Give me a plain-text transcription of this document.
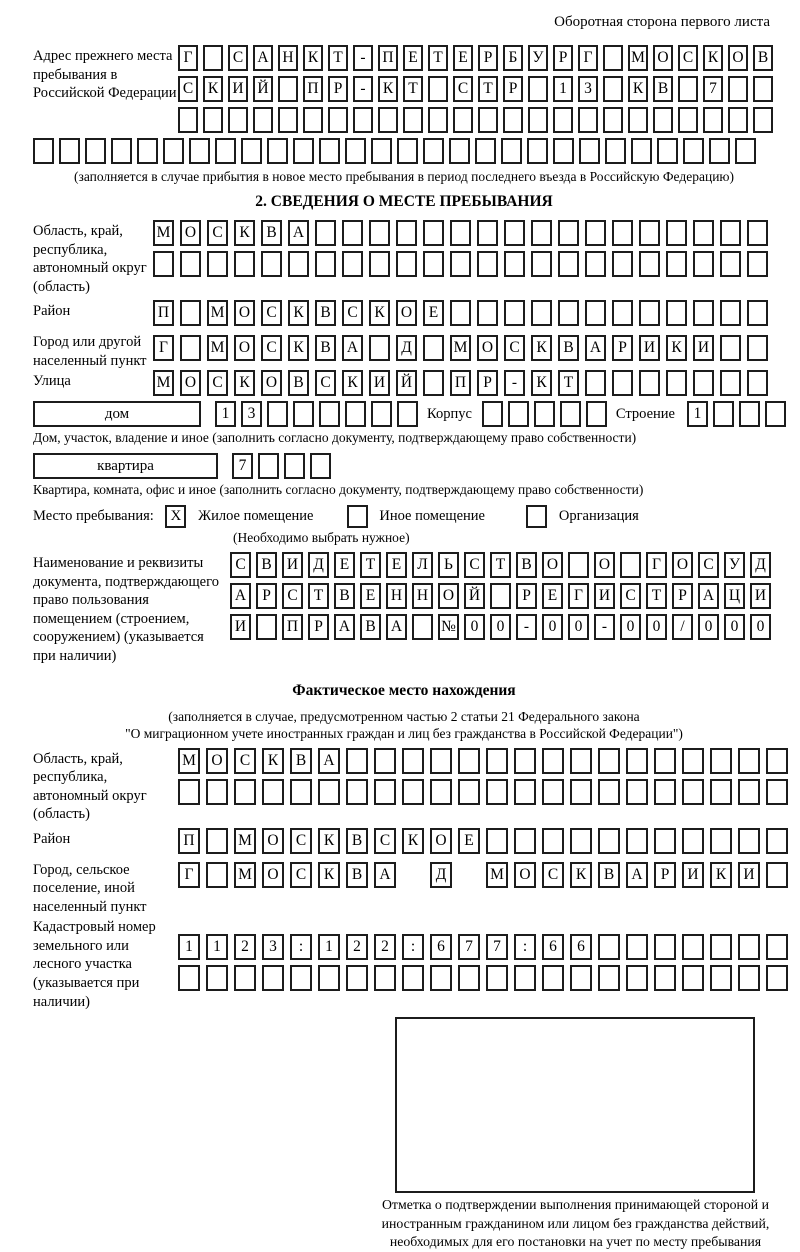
Оборотная сторона первого листа
Адрес прежнего места пребывания в Российской Федерации
Г	С А Н К Т - П Е Т Е Р Б У Р Г М О С К О В
С К И Й	П Р - К Т	С Т Р	1 3	К В	7
(заполняется в случае прибытия в новое место пребывания в период последнего въезда в Российскую Федерацию)
2. СВЕДЕНИЯ О МЕСТЕ ПРЕБЫВАНИЯ
Область, край, республика, автономный округ (область)
М О С К В А
Район	П	М О С К В С К О Е
Город или другой населенный пункт
Г	М О С К В А	Д	М О С К В А Р И К И
Улица	М О С К О В С К И Й	П Р - К Т
дом	1 3	Корпус	Строение 1
Дом, участок, владение и иное (заполнить согласно документу, подтверждающему право собственности)
квартира	7
Квартира, комната, офис и иное (заполнить согласно документу, подтверждающему право собственности)
Место пребывания: X Жилое помещение	Иное помещение	Организация
(Необходимо выбрать нужное)
Наименование и реквизиты документа, подтверждающего право пользования помещением (строением, сооружением) (указывается при наличии)
С В И Д Е Т Е Л Ь С Т В О	О	Г О С У Д
А Р С Т В Е Н Н О Й	Р Е Г И С Т Р А Ц И
И	П Р А В А	№ 0 0 - 0 0 - 0 0 / 0 0 0
Фактическое место нахождения
(заполняется в случае, предусмотренном частью 2 статьи 21 Федерального закона
"О миграционном учете иностранных граждан и лиц без гражданства в Российской Федерации")
Область, край, республика, автономный округ (область)
М О С К В А
Район	П	М О С К В С К О Е
Город, сельское поселение, иной населенный пункт
Г	М О С К В А	Д	М О С К В А Р И К И
Кадастровый номер земельного или лесного участка (указывается при наличии)
1 1 2 3 : 1 2 2 : 6 7 7 : 6 6
Отметка о подтверждении выполнения принимающей стороной и иностранным гражданином или лицом без гражданства действий, необходимых для его постановки на учет по месту пребывания
